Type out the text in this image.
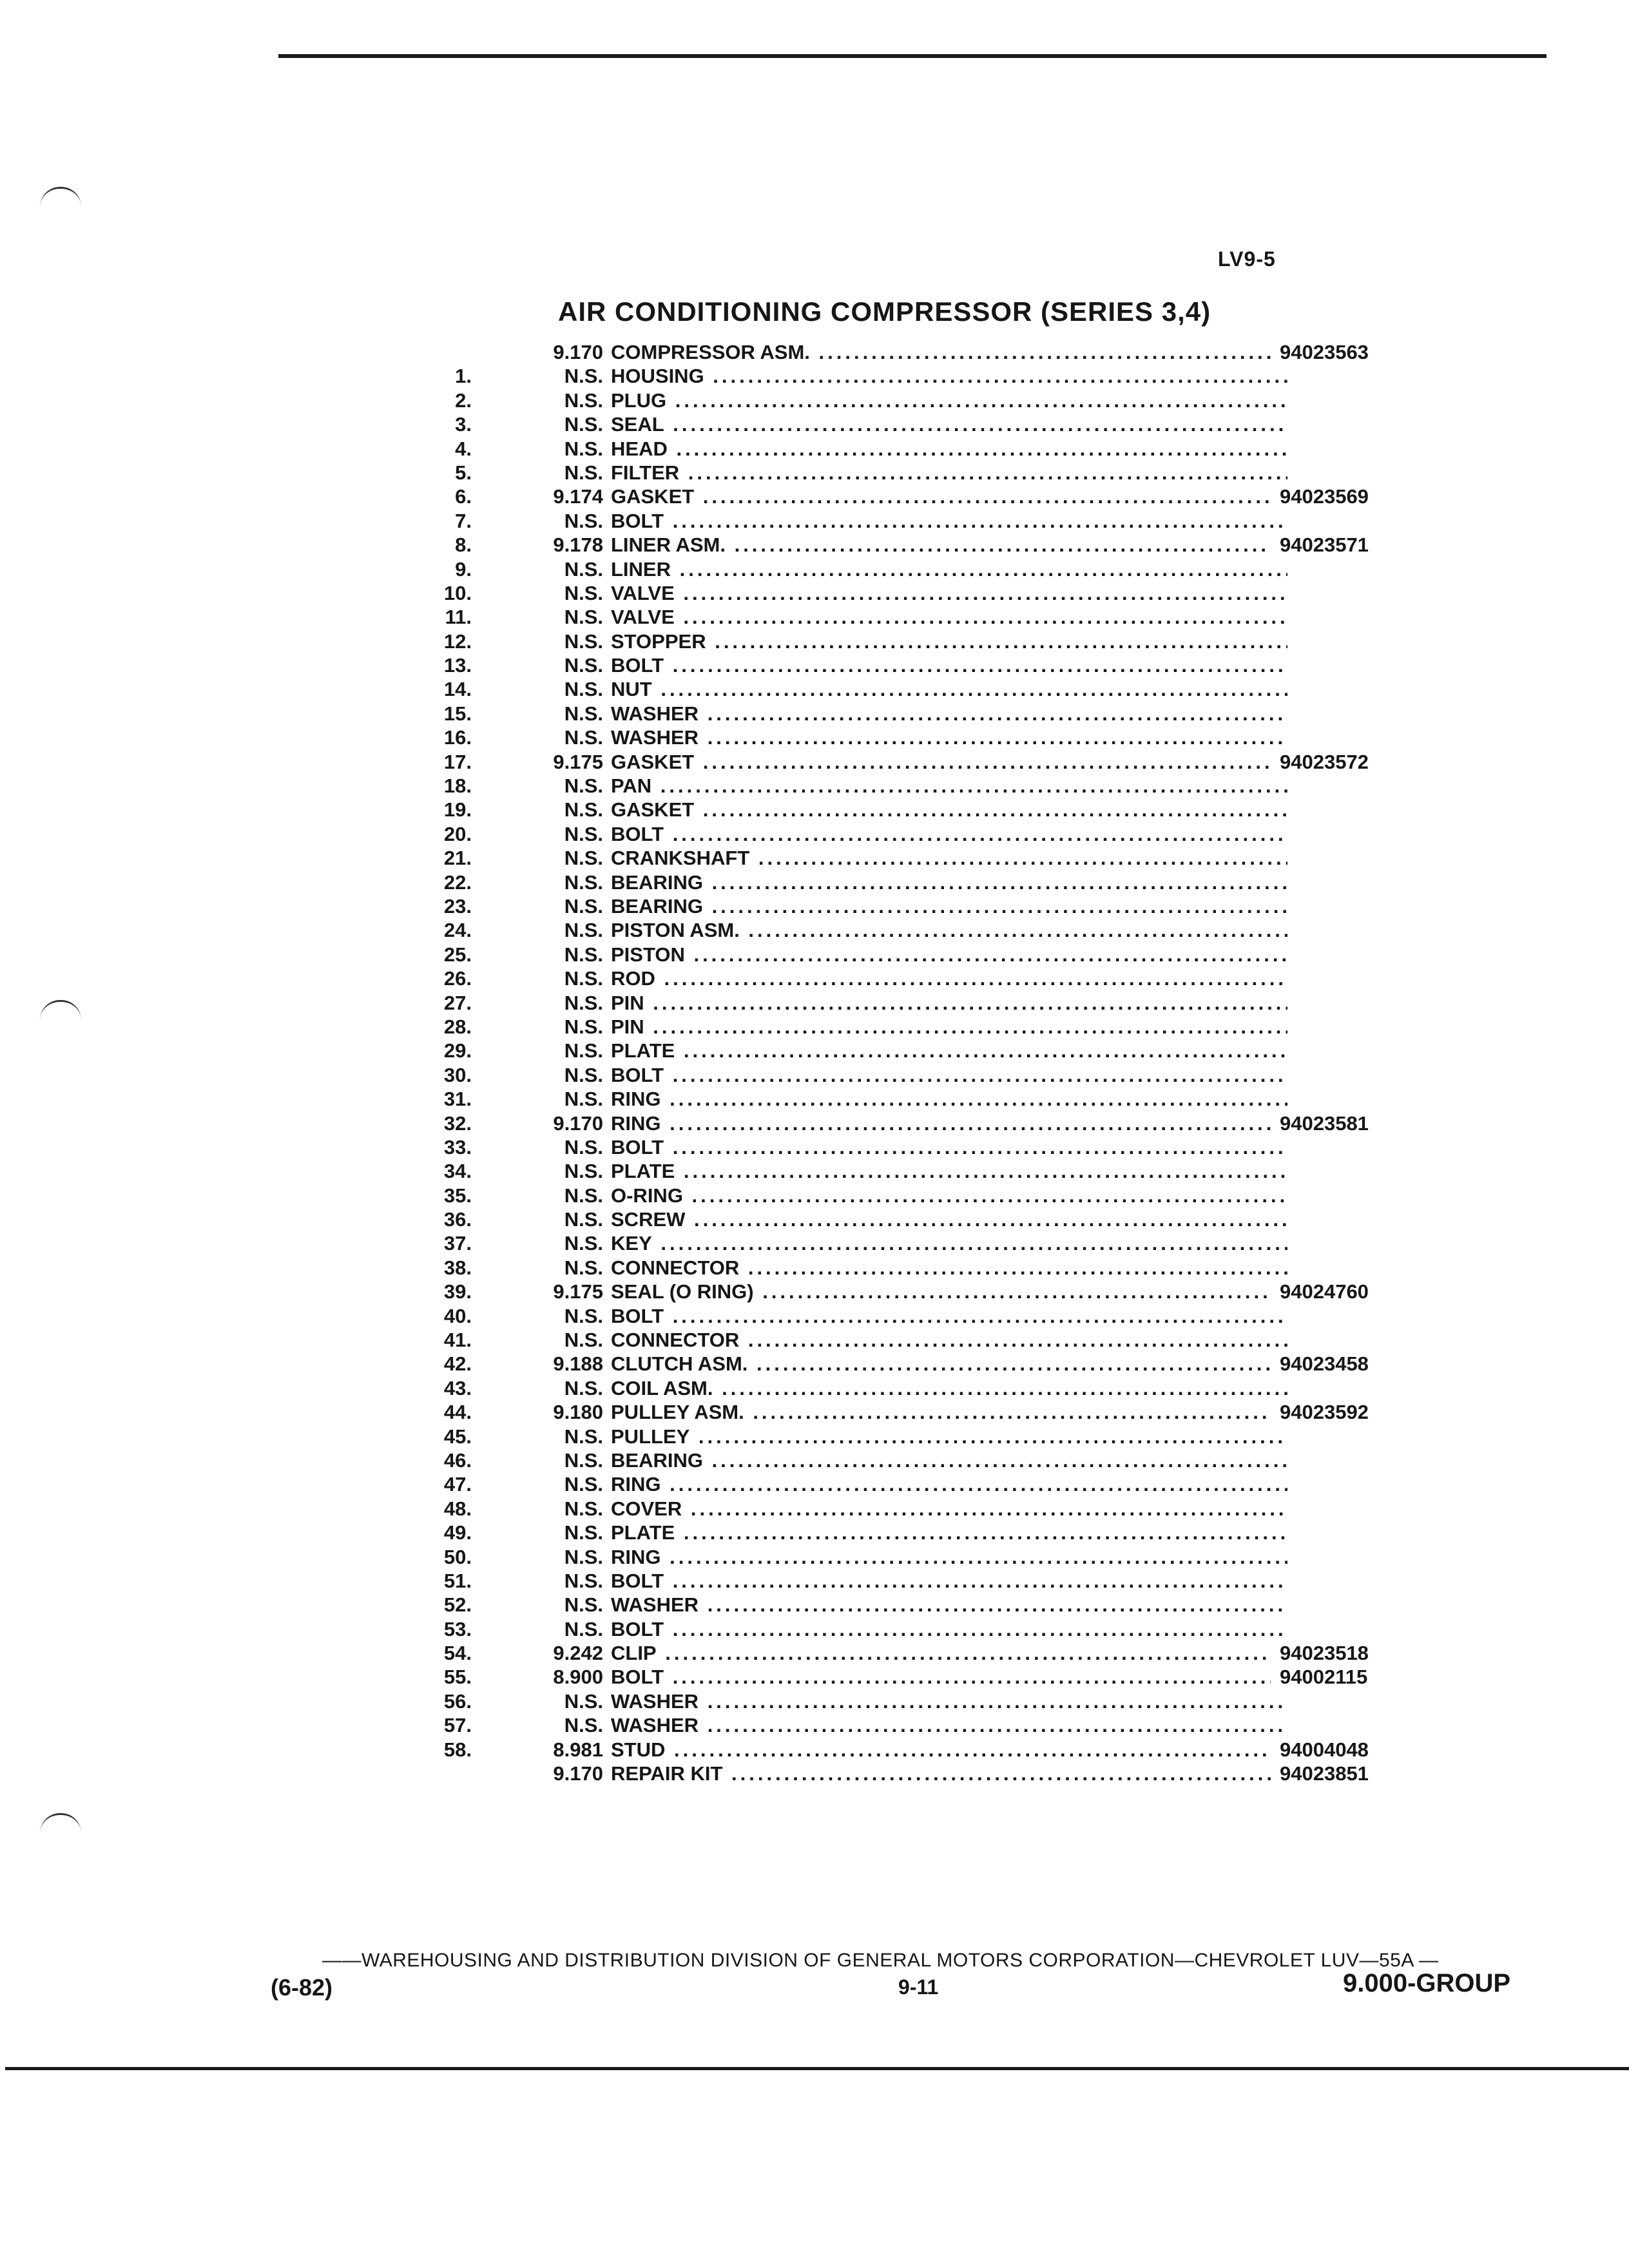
LV9-5
AIR CONDITIONING COMPRESSOR (SERIES 3,4)
9.170 COMPRESSOR ASM. .....	94023563
1.	N.S. HOUSING .....
2.	N.S. PLUG .....
3.	N.S. SEAL .....
4.	N.S. HEAD .....
5.	N.S. FILTER .....
6.	9.174 GASKET .....	94023569
7.	N.S. BOLT .....
8.	9.178 LINER ASM. .....	94023571
9.	N.S. LINER .....
10.	N.S. VALVE .....
11.	N.S. VALVE .....
12.	N.S. STOPPER .....
13.	N.S. BOLT .....
14.	N.S. NUT .....
15.	N.S. WASHER .....
16.	N.S. WASHER .....
17.	9.175 GASKET .....	94023572
18.	N.S. PAN .....
19.	N.S. GASKET .....
20.	N.S. BOLT .....
21.	N.S. CRANKSHAFT .....
22.	N.S. BEARING .....
23.	N.S. BEARING .....
24.	N.S. PISTON ASM. .....
25.	N.S. PISTON .....
26.	N.S. ROD .....
27.	N.S. PIN .....
28.	N.S. PIN .....
29.	N.S. PLATE .....
30.	N.S. BOLT .....
31.	N.S. RING .....
32.	9.170 RING .....	94023581
33.	N.S. BOLT .....
34.	N.S. PLATE .....
35.	N.S. O-RING .....
36.	N.S. SCREW .....
37.	N.S. KEY .....
38.	N.S. CONNECTOR .....
39.	9.175 SEAL (O RING) .....	94024760
40.	N.S. BOLT .....
41.	N.S. CONNECTOR .....
42.	9.188 CLUTCH ASM. .....	94023458
43.	N.S. COIL ASM. .....
44.	9.180 PULLEY ASM. .....	94023592
45.	N.S. PULLEY .....
46.	N.S. BEARING .....
47.	N.S. RING .....
48.	N.S. COVER .....
49.	N.S. PLATE .....
50.	N.S. RING .....
51.	N.S. BOLT .....
52.	N.S. WASHER .....
53.	N.S. BOLT .....
54.	9.242 CLIP .....	94023518
55.	8.900 BOLT .....	94002115
56.	N.S. WASHER .....
57.	N.S. WASHER .....
58.	8.981 STUD .....	94004048
9.170 REPAIR KIT .....	94023851
——WAREHOUSING AND DISTRIBUTION DIVISION OF GENERAL MOTORS CORPORATION—CHEVROLET LUV—55A —
(6-82)	9-11	9.000-GROUP
